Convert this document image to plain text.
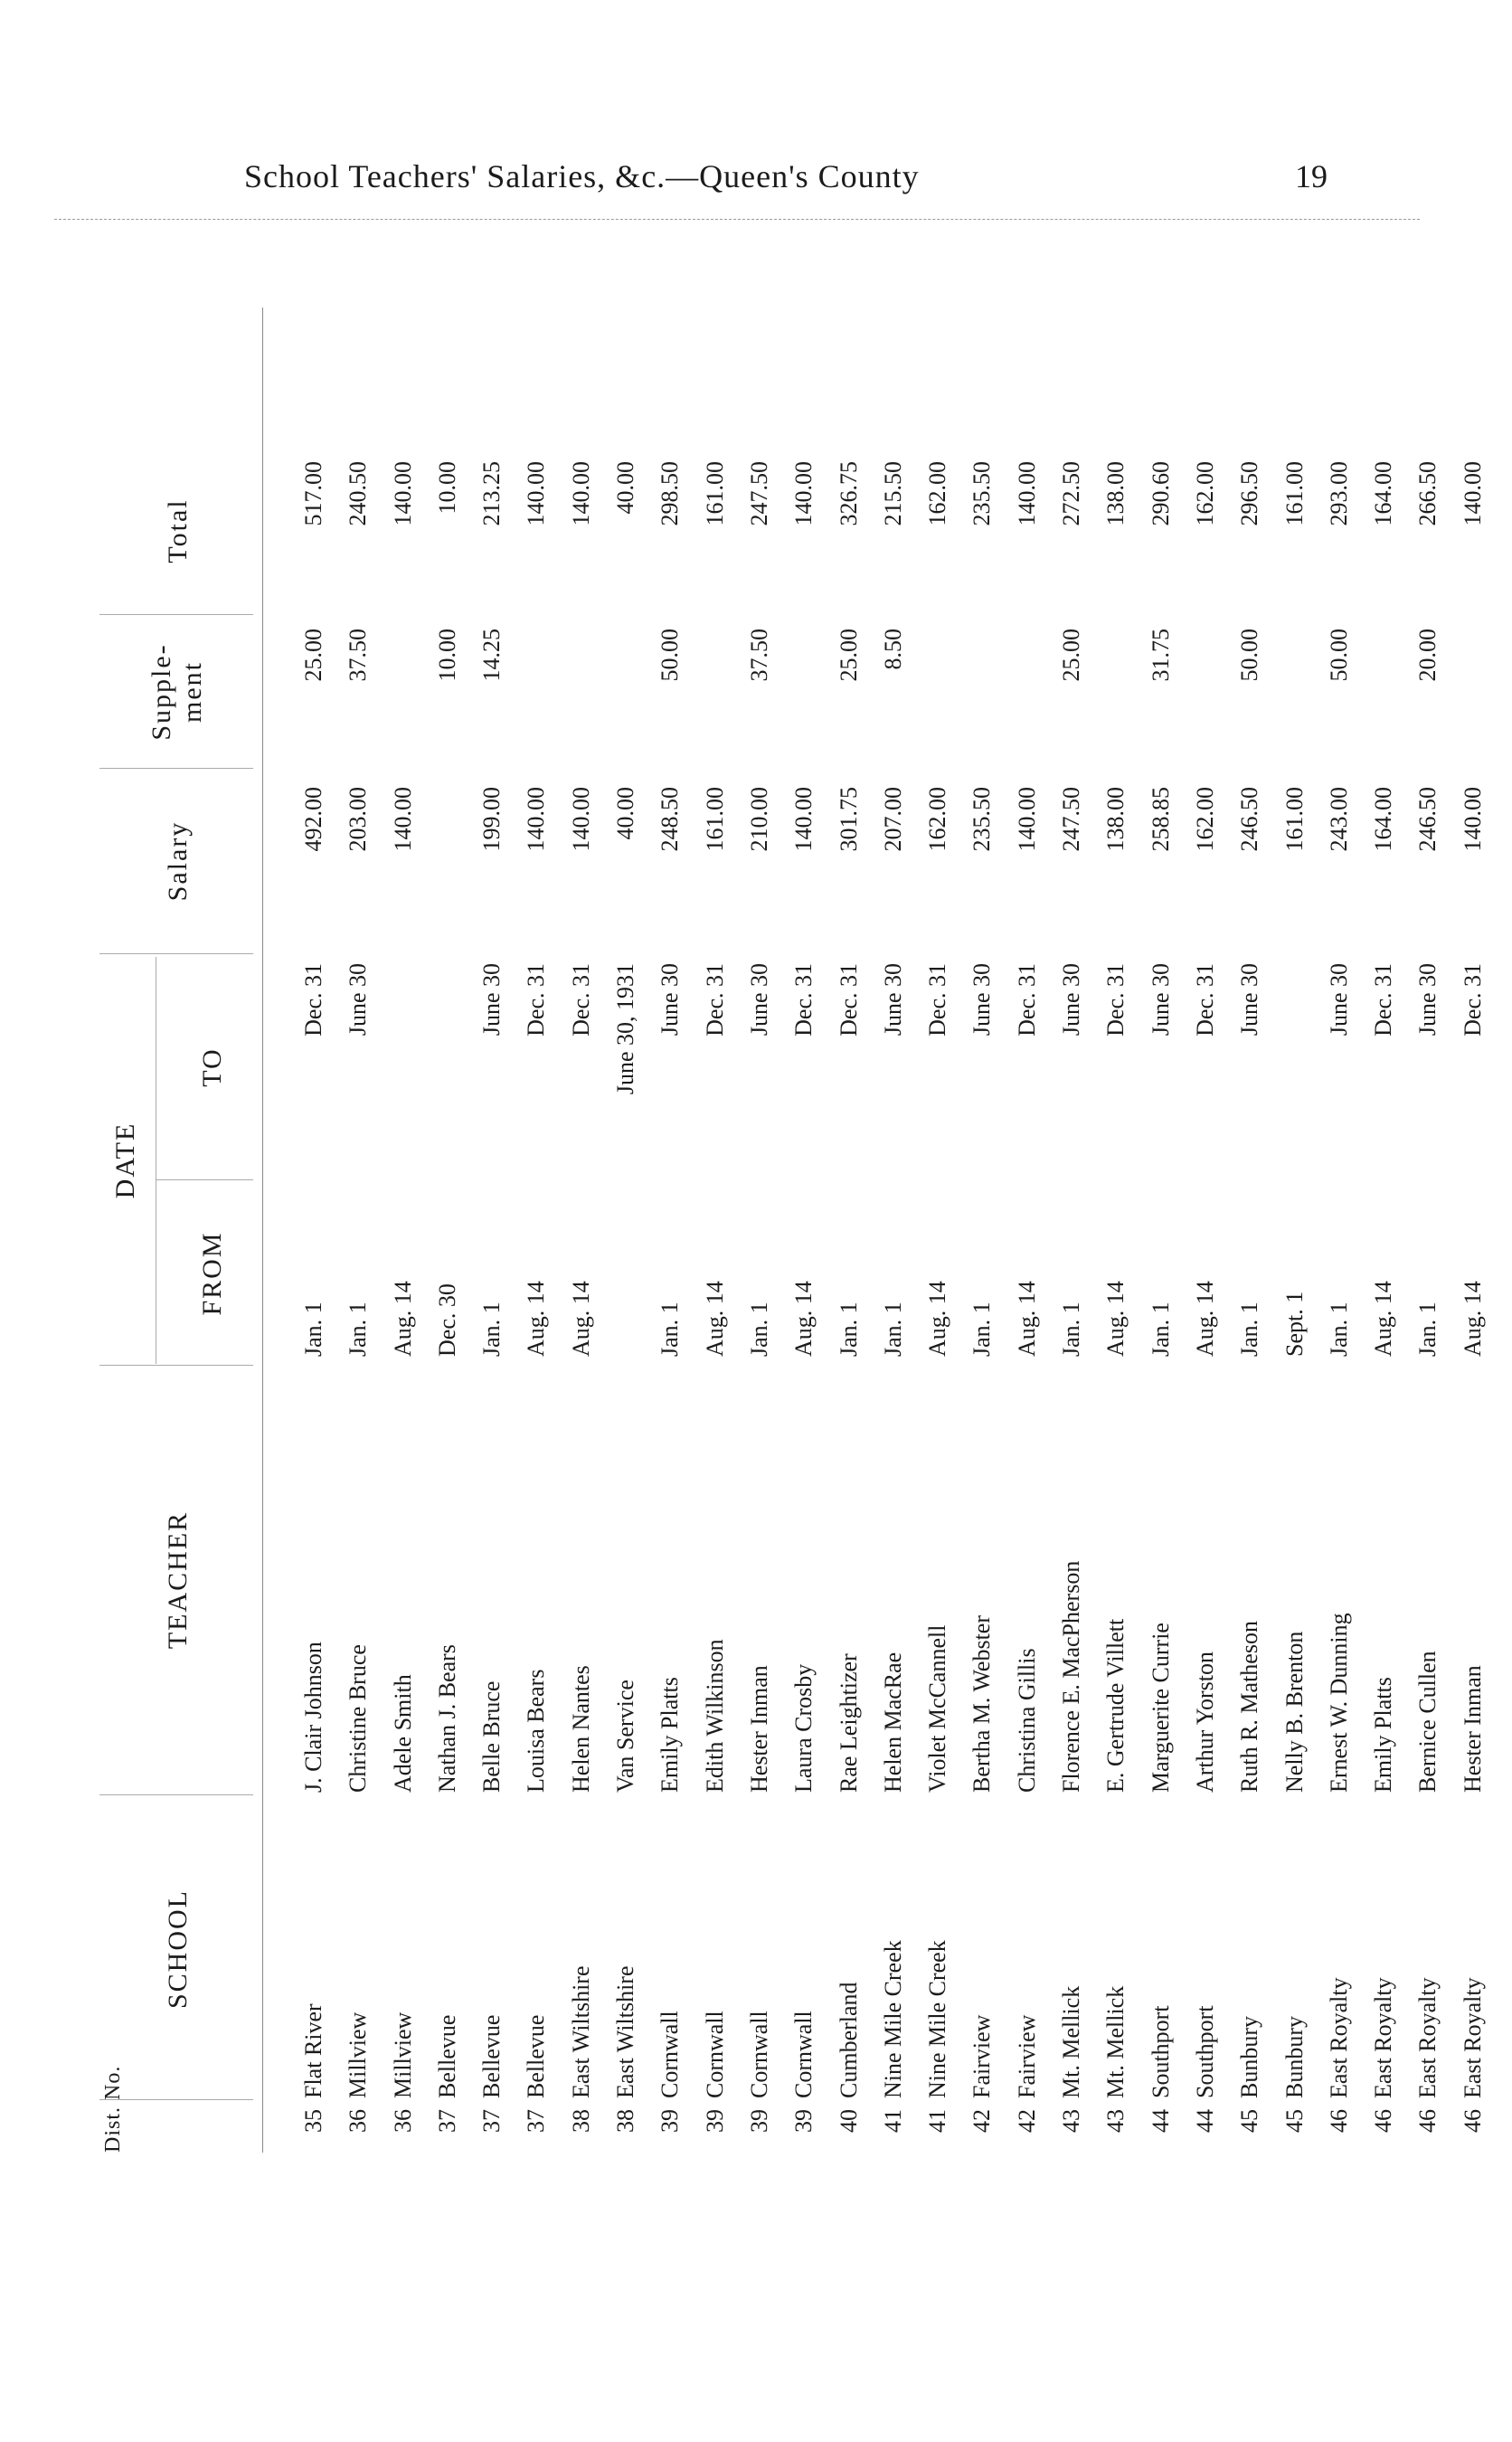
School Teachers' Salaries, &c.—Queen's County	19
Dist. No.
SCHOOL
TEACHER
DATE
FROM
TO
Salary
Supple- ment
Total
35
Flat River
J. Clair Johnson
Jan. 1
Dec. 31
492.00
25.00
517.00
36
Millview
Christine Bruce
Jan. 1
June 30
203.00
37.50
240.50
36
Millview
Adele Smith
Aug. 14
140.00
140.00
37
Bellevue
Nathan J. Bears
Dec. 30
10.00
10.00
37
Bellevue
Belle Bruce
Jan. 1
June 30
199.00
14.25
213.25
37
Bellevue
Louisa Bears
Aug. 14
Dec. 31
140.00
140.00
38
East Wiltshire
Helen Nantes
Aug. 14
Dec. 31
140.00
140.00
38
East Wiltshire
Van Service
June 30, 1931
40.00
40.00
39
Cornwall
Emily Platts
Jan. 1
June 30
248.50
50.00
298.50
39
Cornwall
Edith Wilkinson
Aug. 14
Dec. 31
161.00
161.00
39
Cornwall
Hester Inman
Jan. 1
June 30
210.00
37.50
247.50
39
Cornwall
Laura Crosby
Aug. 14
Dec. 31
140.00
140.00
40
Cumberland
Rae Leightizer
Jan. 1
Dec. 31
301.75
25.00
326.75
41
Nine Mile Creek
Helen MacRae
Jan. 1
June 30
207.00
8.50
215.50
41
Nine Mile Creek
Violet McCannell
Aug. 14
Dec. 31
162.00
162.00
42
Fairview
Bertha M. Webster
Jan. 1
June 30
235.50
235.50
42
Fairview
Christina Gillis
Aug. 14
Dec. 31
140.00
140.00
43
Mt. Mellick
Florence E. MacPherson
Jan. 1
June 30
247.50
25.00
272.50
43
Mt. Mellick
E. Gertrude Villett
Aug. 14
Dec. 31
138.00
138.00
44
Southport
Marguerite Currie
Jan. 1
June 30
258.85
31.75
290.60
44
Southport
Arthur Yorston
Aug. 14
Dec. 31
162.00
162.00
45
Bunbury
Ruth R. Matheson
Jan. 1
June 30
246.50
50.00
296.50
45
Bunbury
Nelly B. Brenton
Sept. 1
161.00
161.00
46
East Royalty
Ernest W. Dunning
Jan. 1
June 30
243.00
50.00
293.00
46
East Royalty
Emily Platts
Aug. 14
Dec. 31
164.00
164.00
46
East Royalty
Bernice Cullen
Jan. 1
June 30
246.50
20.00
266.50
46
East Royalty
Hester Inman
Aug. 14
Dec. 31
140.00
140.00
